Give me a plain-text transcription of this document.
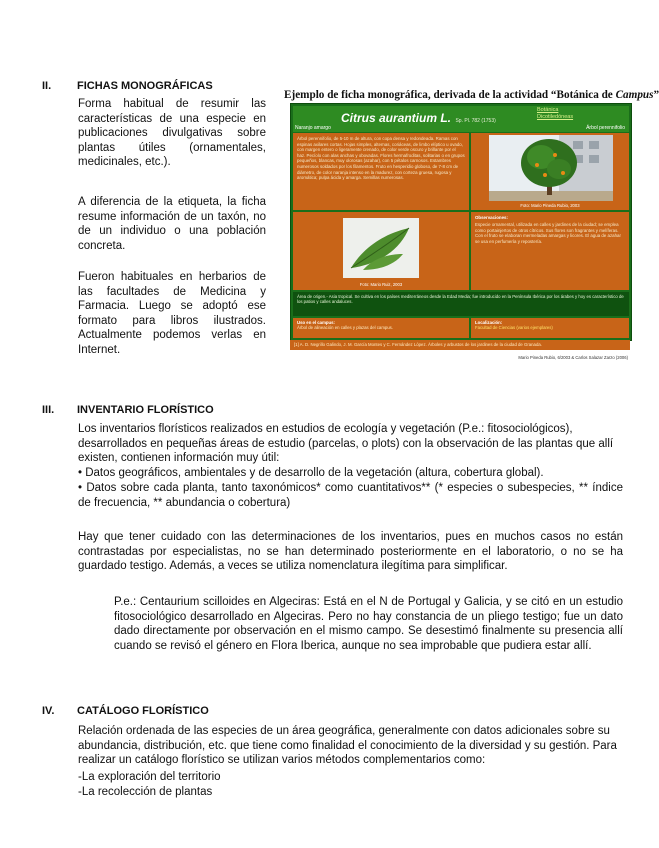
II. FICHAS MONOGRÁFICAS
Forma habitual de resumir las características de una especie en publicaciones divulgativas sobre plantas útiles (ornamentales, medicinales, etc.).
A diferencia de la etiqueta, la ficha resume información de un taxón, no de un individuo o una población concreta.
Fueron habituales en herbarios de las facultades de Medicina y Farmacia. Luego se adoptó ese formato para libros ilustrados. Actualmente podemos verlas en Internet.
Ejemplo de ficha monográfica, derivada de la actividad “Botánica de Campus”
Citrus aurantium L. Sp. Pl. 782 (1753)
Botánica
Dicotiledóneas
Naranjo amargo	Árbol perennifolio
Árbol perennifolio, de 5-10 m de altura, con copa densa y redondeada. Ramas con espinas axilares cortas. Hojas simples, alternas, coriáceas, de limbo elíptico u ovado, con margen entero o ligeramente crenado, de color verde oscuro y brillante por el haz. Pecíolo con alas anchas y obovadas. Flores hermafroditas, solitarias o en grupos pequeños, blancas, muy olorosas (azahar), con 5 pétalos carnosos. Estambres numerosos soldados por los filamentos. Fruto en hesperidio globoso, de 7-8 cm de diámetro, de color naranja intenso en la madurez, con corteza gruesa, rugosa y aromática; pulpa ácida y amarga. Semillas numerosas.
Foto: Mario Pineda Rubio, 2003
Foto: Mario Ruiz, 2003
Observaciones:
Especie ornamental, utilizada en calles y jardines de la ciudad; se emplea como portainjertos de otros cítricos. Sus flores son fragrantes y melíferas. Con el fruto se elaboran mermeladas amargas y licores. El agua de azahar se usa en perfumería y repostería.
Área de origen.- Asia tropical. Se cultiva en los países mediterráneos desde la Edad Media; fue introducido en la Península Ibérica por los árabes y hoy es característico de los patios y calles andaluces.
Uso en el campus:
Árbol de alineación en calles y plazas del campus.
Localización:
Facultad de Ciencias (varios ejemplares)
[1] A. D. Negrillo Galindo, J. M. García Montes y C. Fernández López. Árboles y arbustos de los jardines de la ciudad de Granada.
Mario Pineda Rubio, 6/2003 & Carlos Salazar Zarzo (2006)
III. INVENTARIO FLORÍSTICO
Los inventarios florísticos realizados en estudios de ecología y vegetación (P.e.: fitosociológicos), desarrollados en pequeñas áreas de estudio (parcelas, o plots) con la observación de las plantas que allí existen, contienen información muy útil:
• Datos geográficos, ambientales y de desarrollo de la vegetación (altura, cobertura global).
• Datos sobre cada planta, tanto taxonómicos* como cuantitativos** (* especies o subespecies, ** índice de frecuencia, ** abundancia o cobertura)
Hay que tener cuidado con las determinaciones de los inventarios, pues en muchos casos no están contrastadas por especialistas, no se han determinado posteriormente en el laboratorio, o no se ha guardado testigo. Además, a veces se utiliza nomenclatura ilegítima para simplificar.
P.e.: Centaurium scilloides en Algeciras: Está en el N de Portugal y Galicia, y se citó en un estudio fitosociológico desarrollado en Algeciras. Pero no hay constancia de un pliego testigo; fue un dato dado directamente por observación en el mismo campo. Se desestimó finalmente su presencia allí cuando se revisó el género en Flora Iberica, aunque no sea improbable que pudiera estar allí.
IV. CATÁLOGO FLORÍSTICO
Relación ordenada de las especies de un área geográfica, generalmente con datos adicionales sobre su abundancia, distribución, etc. que tiene como finalidad el conocimiento de la diversidad y su gestión. Para realizar un catálogo florístico se utilizan varios métodos complementarios como:
-La exploración del territorio
-La recolección de plantas
